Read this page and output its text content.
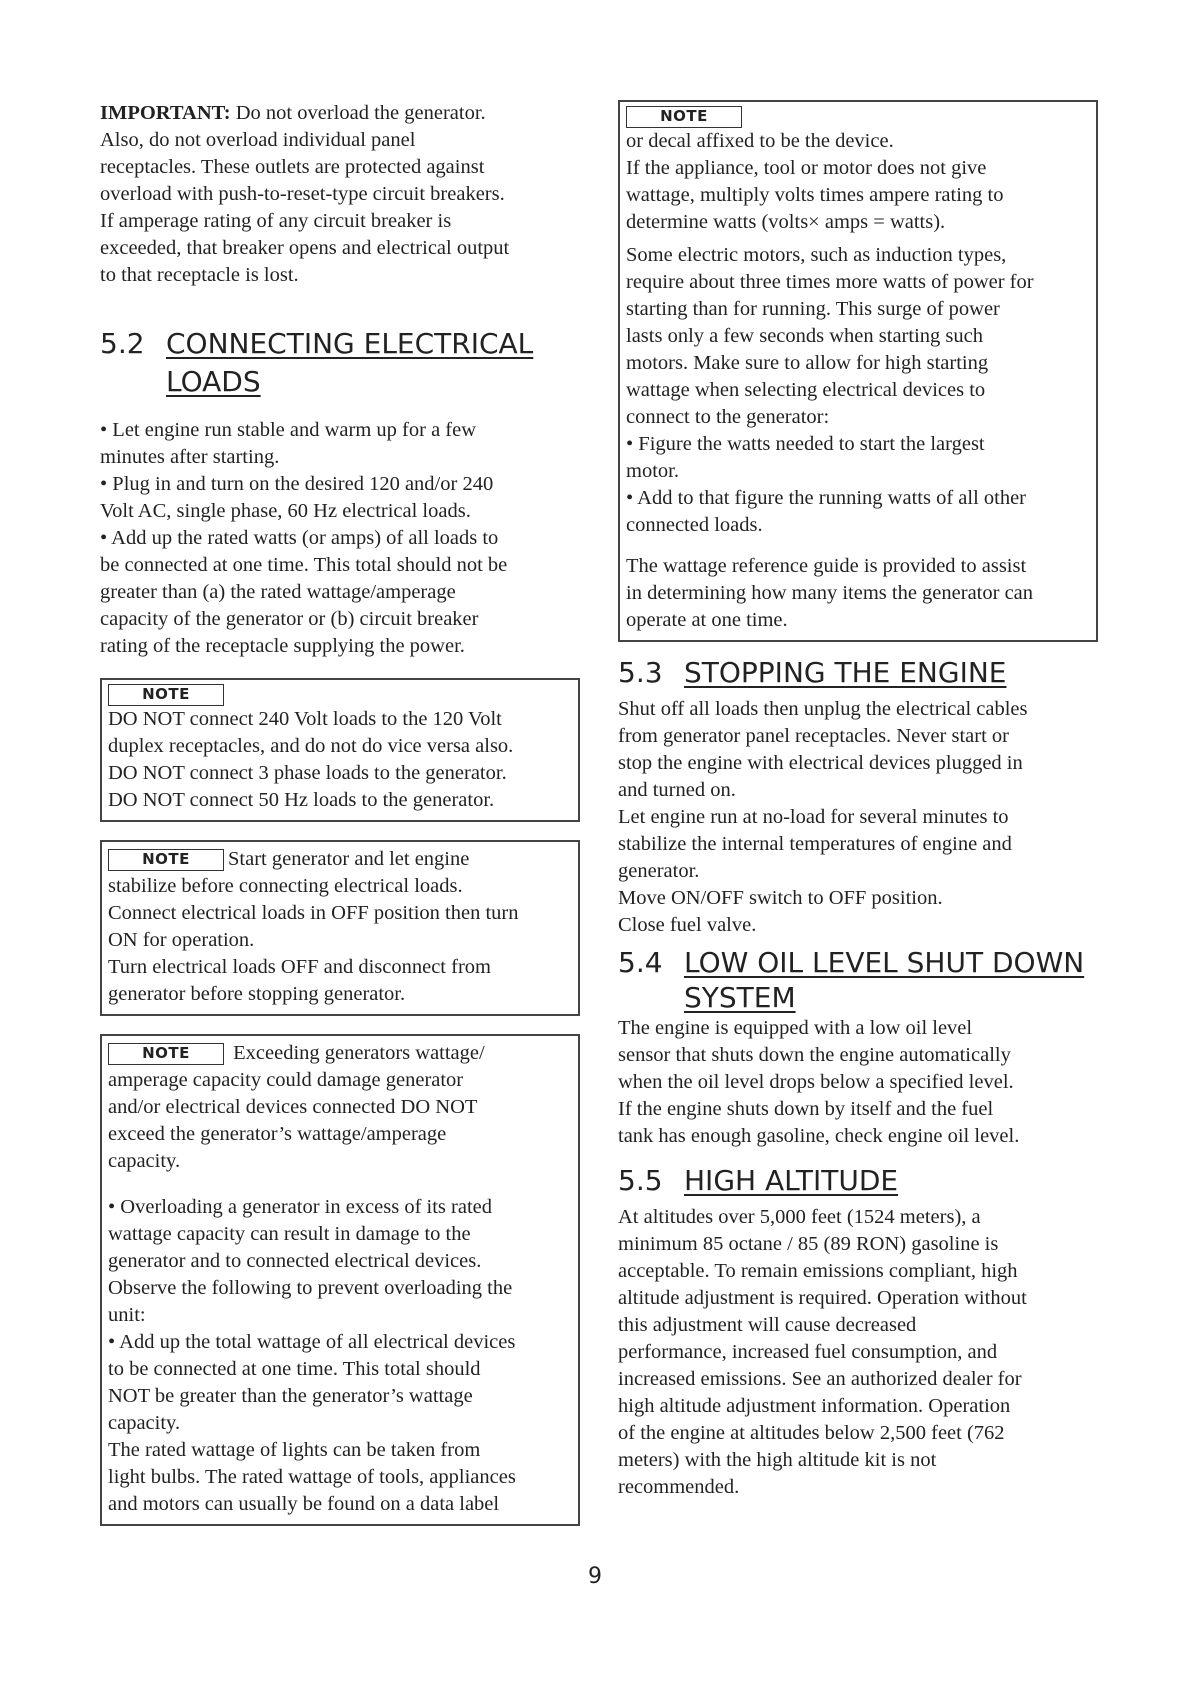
IMPORTANT: Do not overload the generator.

Also, do not overload individual panel

receptacles. These outlets are protected against

overload with push-to-reset-type circuit breakers.

If amperage rating of any circuit breaker is

exceeded, that breaker opens and electrical output

to that receptacle is lost.

5.2 CONNECTING ELECTRICAL
LOADS

• Let engine run stable and warm up for a few

minutes after starting.

• Plug in and turn on the desired 120 and/or 240

Volt AC, single phase, 60 Hz electrical loads.

• Add up the rated watts (or amps) of all loads to

be connected at one time. This total should not be

greater than (a) the rated wattage/amperage

capacity of the generator or (b) circuit breaker

rating of the receptacle supplying the power.

NOTE

DO NOT connect 240 Volt loads to the 120 Volt

duplex receptacles, and do not do vice versa also.

DO NOT connect 3 phase loads to the generator.

DO NOT connect 50 Hz loads to the generator.

NOTE Start generator and let engine

stabilize before connecting electrical loads.

Connect electrical loads in OFF position then turn

ON for operation.

Turn electrical loads OFF and disconnect from

generator before stopping generator.

NOTE Exceeding generators wattage/

amperage capacity could damage generator

and/or electrical devices connected DO NOT

exceed the generator’s wattage/amperage

capacity.

• Overloading a generator in excess of its rated

wattage capacity can result in damage to the

generator and to connected electrical devices.

Observe the following to prevent overloading the

unit:

• Add up the total wattage of all electrical devices

to be connected at one time. This total should

NOT be greater than the generator’s wattage

capacity.

The rated wattage of lights can be taken from

light bulbs. The rated wattage of tools, appliances

and motors can usually be found on a data label

NOTE

or decal affixed to be the device.

If the appliance, tool or motor does not give

wattage, multiply volts times ampere rating to

determine watts (volts× amps = watts).

Some electric motors, such as induction types,

require about three times more watts of power for

starting than for running. This surge of power

lasts only a few seconds when starting such

motors. Make sure to allow for high starting

wattage when selecting electrical devices to

connect to the generator:

• Figure the watts needed to start the largest

motor.

• Add to that figure the running watts of all other

connected loads.

The wattage reference guide is provided to assist

in determining how many items the generator can

operate at one time.

5.3 STOPPING THE ENGINE

Shut off all loads then unplug the electrical cables

from generator panel receptacles. Never start or

stop the engine with electrical devices plugged in

and turned on.

Let engine run at no-load for several minutes to

stabilize the internal temperatures of engine and

generator.

Move ON/OFF switch to OFF position.

Close fuel valve.

5.4 LOW OIL LEVEL SHUT DOWN
SYSTEM

The engine is equipped with a low oil level

sensor that shuts down the engine automatically

when the oil level drops below a specified level.

If the engine shuts down by itself and the fuel

tank has enough gasoline, check engine oil level.

5.5 HIGH ALTITUDE

At altitudes over 5,000 feet (1524 meters), a

minimum 85 octane / 85 (89 RON) gasoline is

acceptable. To remain emissions compliant, high

altitude adjustment is required. Operation without

this adjustment will cause decreased

performance, increased fuel consumption, and

increased emissions. See an authorized dealer for

high altitude adjustment information. Operation

of the engine at altitudes below 2,500 feet (762

meters) with the high altitude kit is not

recommended.

9
